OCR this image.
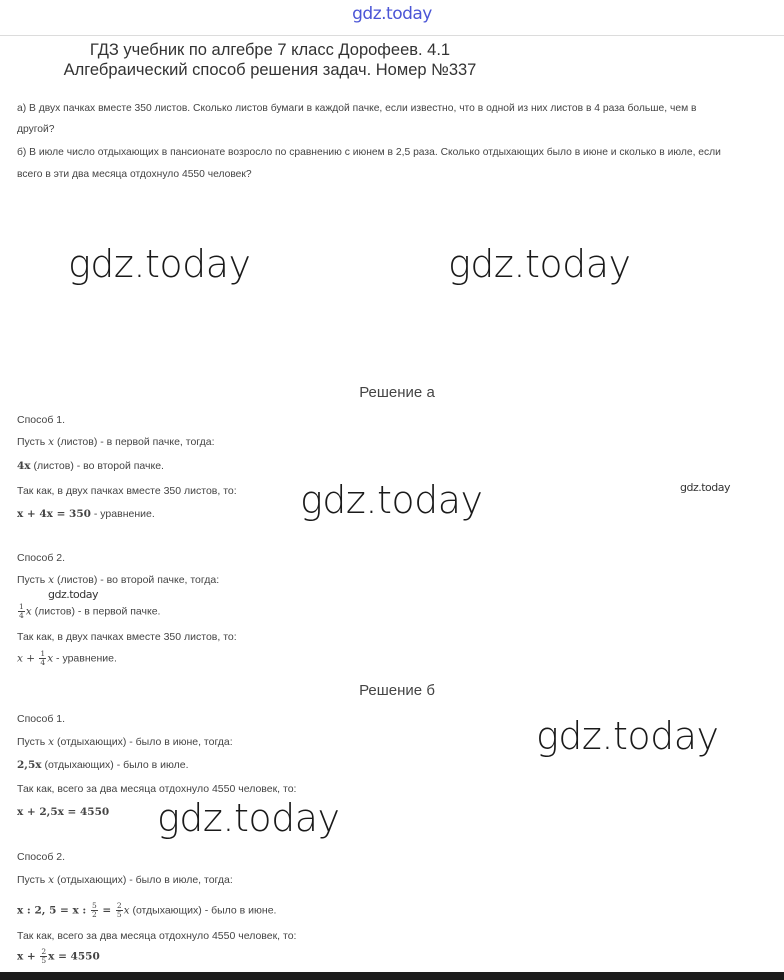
gdz.today
ГДЗ учебник по алгебре 7 класс Дорофеев. 4.1
Алгебраический способ решения задач. Номер №337
а) В двух пачках вместе 350 листов. Сколько листов бумаги в каждой пачке, если известно, что в одной из них листов в 4 раза больше, чем в
другой?
б) В июле число отдыхающих в пансионате возросло по сравнению с июнем в 2,5 раза. Сколько отдыхающих было в июне и сколько в июле, если
всего в эти два месяца отдохнуло 4550 человек?
gdz.today	gdz.today
Решение а
Способ 1.
Пусть x (листов) - в первой пачке, тогда:
4x (листов) - во второй пачке.
Так как, в двух пачках вместе 350 листов, то:
x + 4x = 350 - уравнение.	gdz.today	gdz.today
Способ 2.
Пусть x (листов) - во второй пачке, тогда:
gdz.today
$\frac{1}{4}$ x (листов) - в первой пачке.
Так как, в двух пачках вместе 350 листов, то:
$x + \frac{1}{4}$ x - уравнение.
Решение б
gdz.today
Способ 1.
Пусть x (отдыхающих) - было в июне, тогда:
2,5x (отдыхающих) - было в июле.
Так как, всего за два месяца отдохнуло 4550 человек, то:
x + 2,5x = 4550 gdz.today
Способ 2.
Пусть x (отдыхающих) - было в июле, тогда:
x : 2, 5 = x : $\frac{5}{2} = \frac{2}{5}$ x (отдыхающих) - было в июне.
Так как, всего за два месяца отдохнуло 4550 человек, то:
$x + \frac{2}{5}$ x = 4550
